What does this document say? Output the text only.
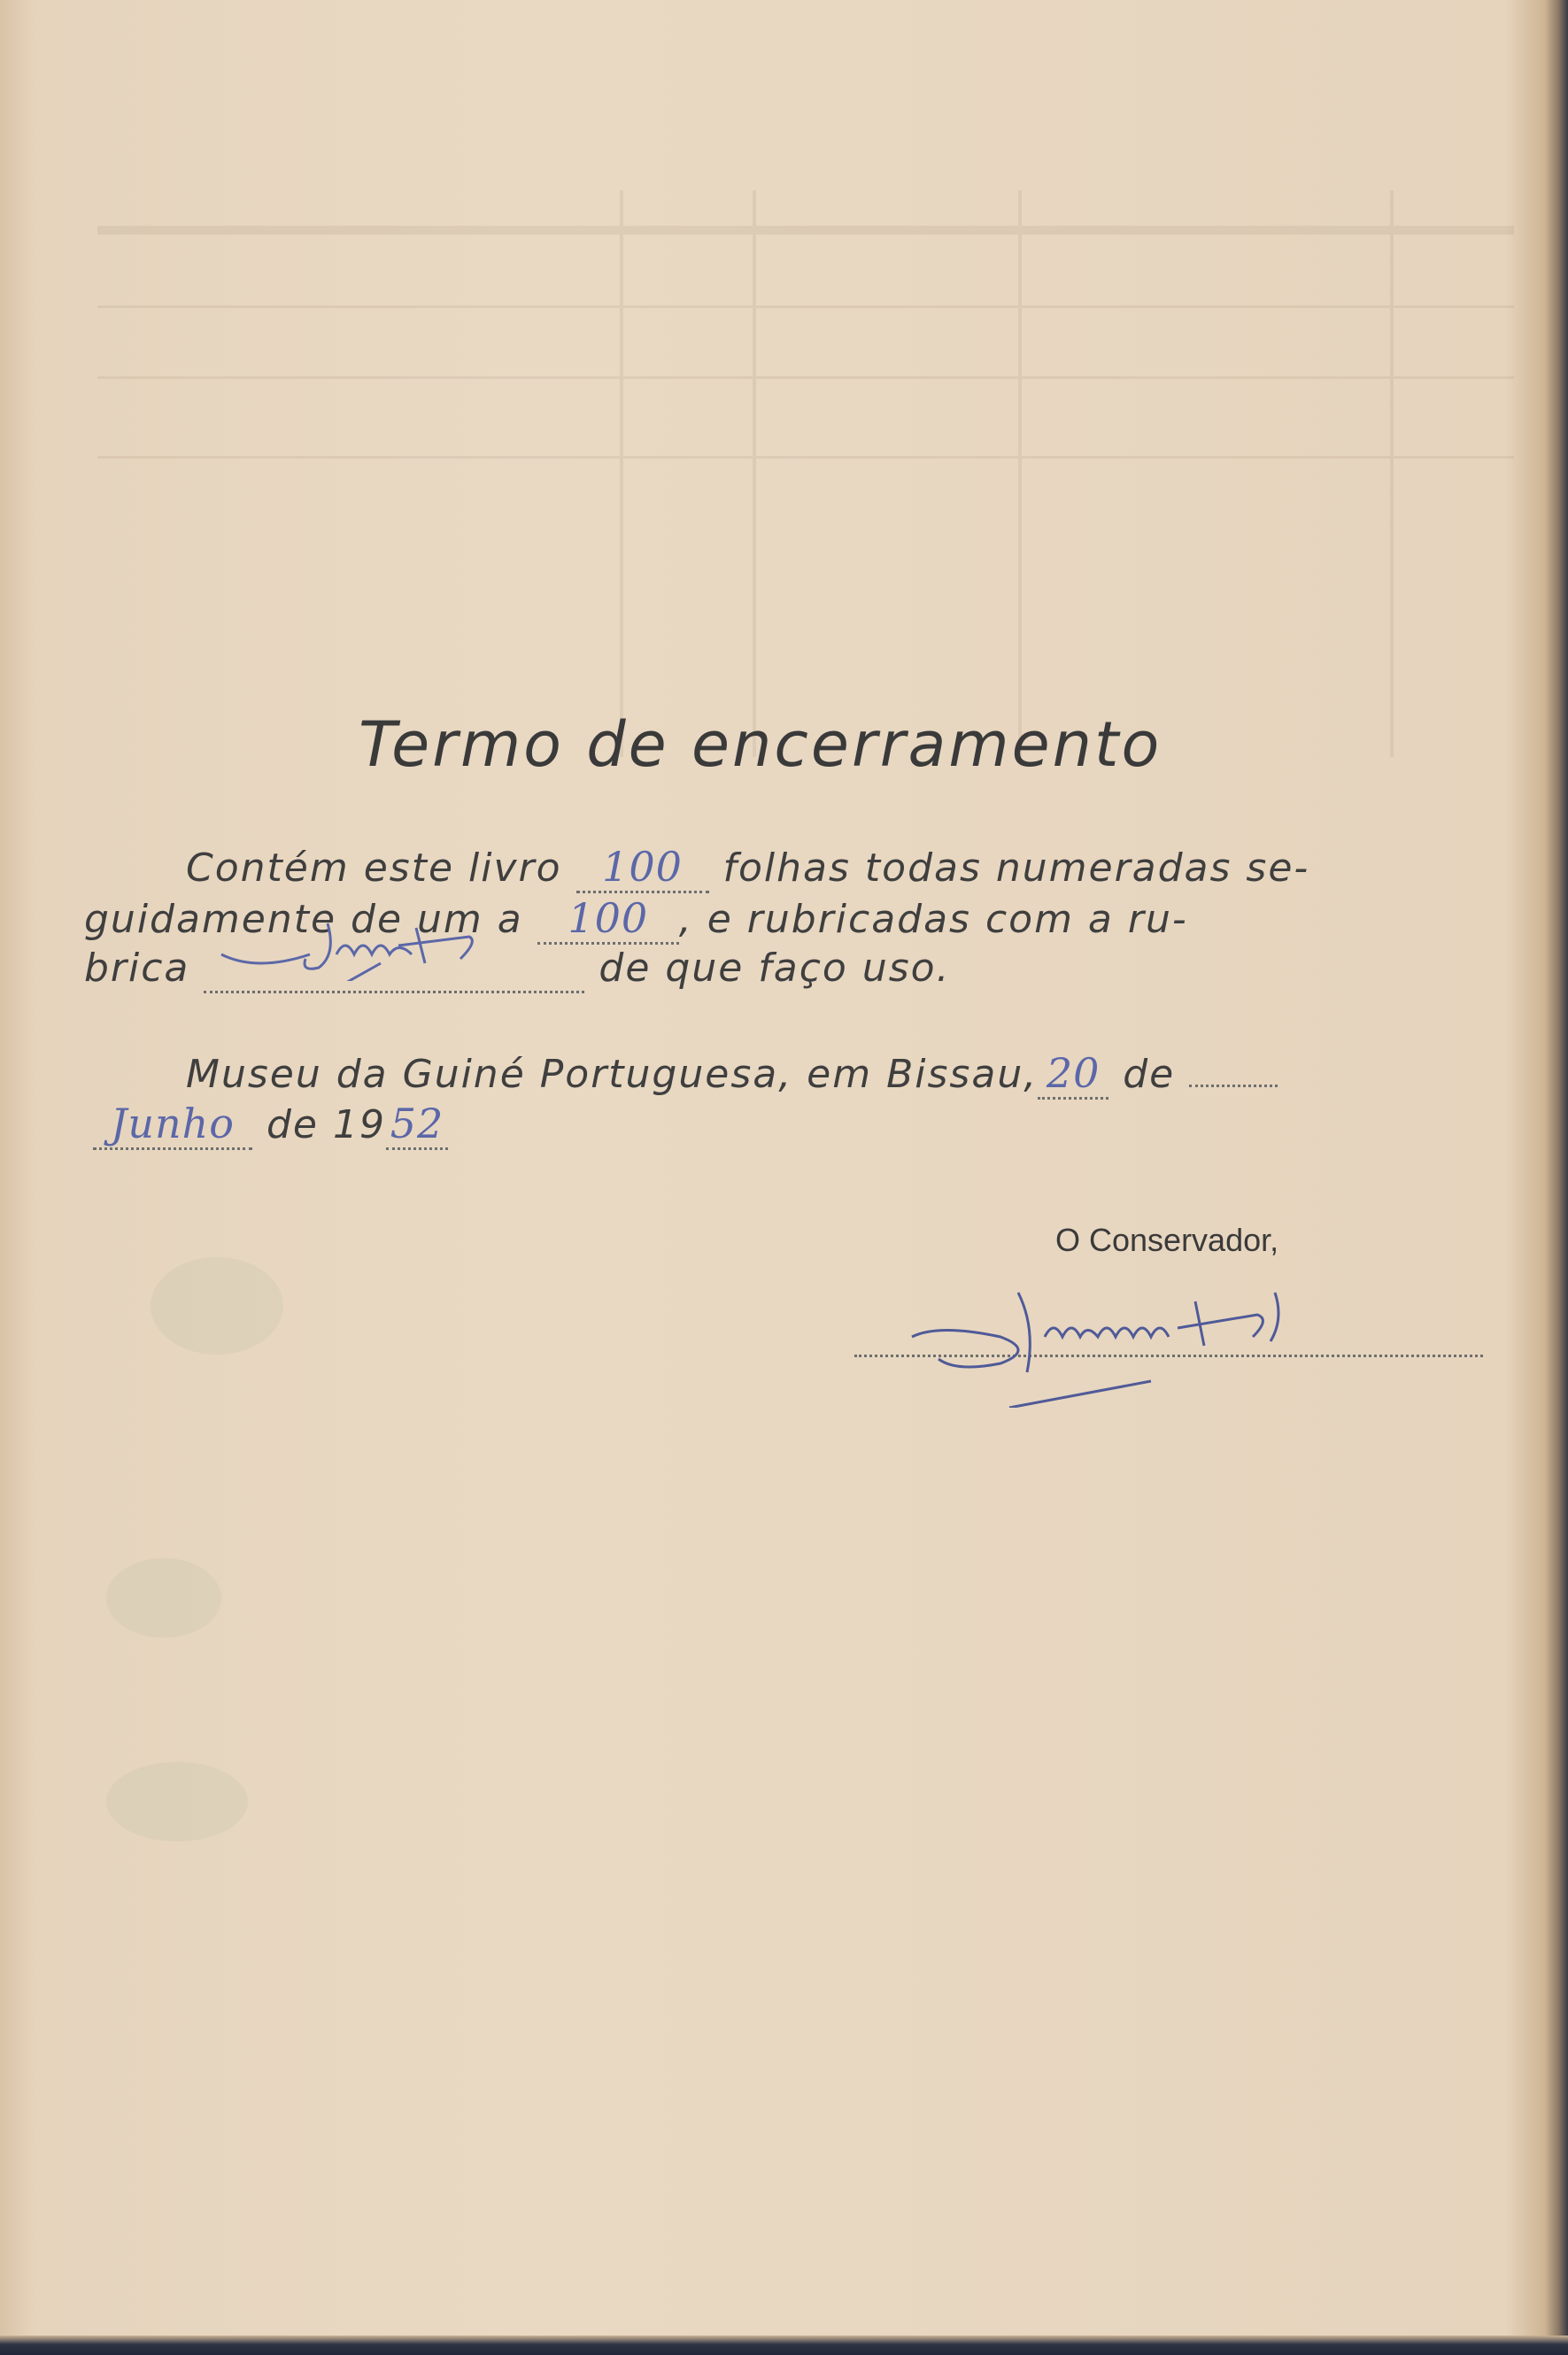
Termo de encerramento
Contém este livro 100 folhas todas numeradas se-
guidamente de um a 100 , e rubricadas com a ru-
brica	de que faço uso.
Museu da Guiné Portuguesa, em Bissau, 20 de
Junho de 19 52
O Conservador,
